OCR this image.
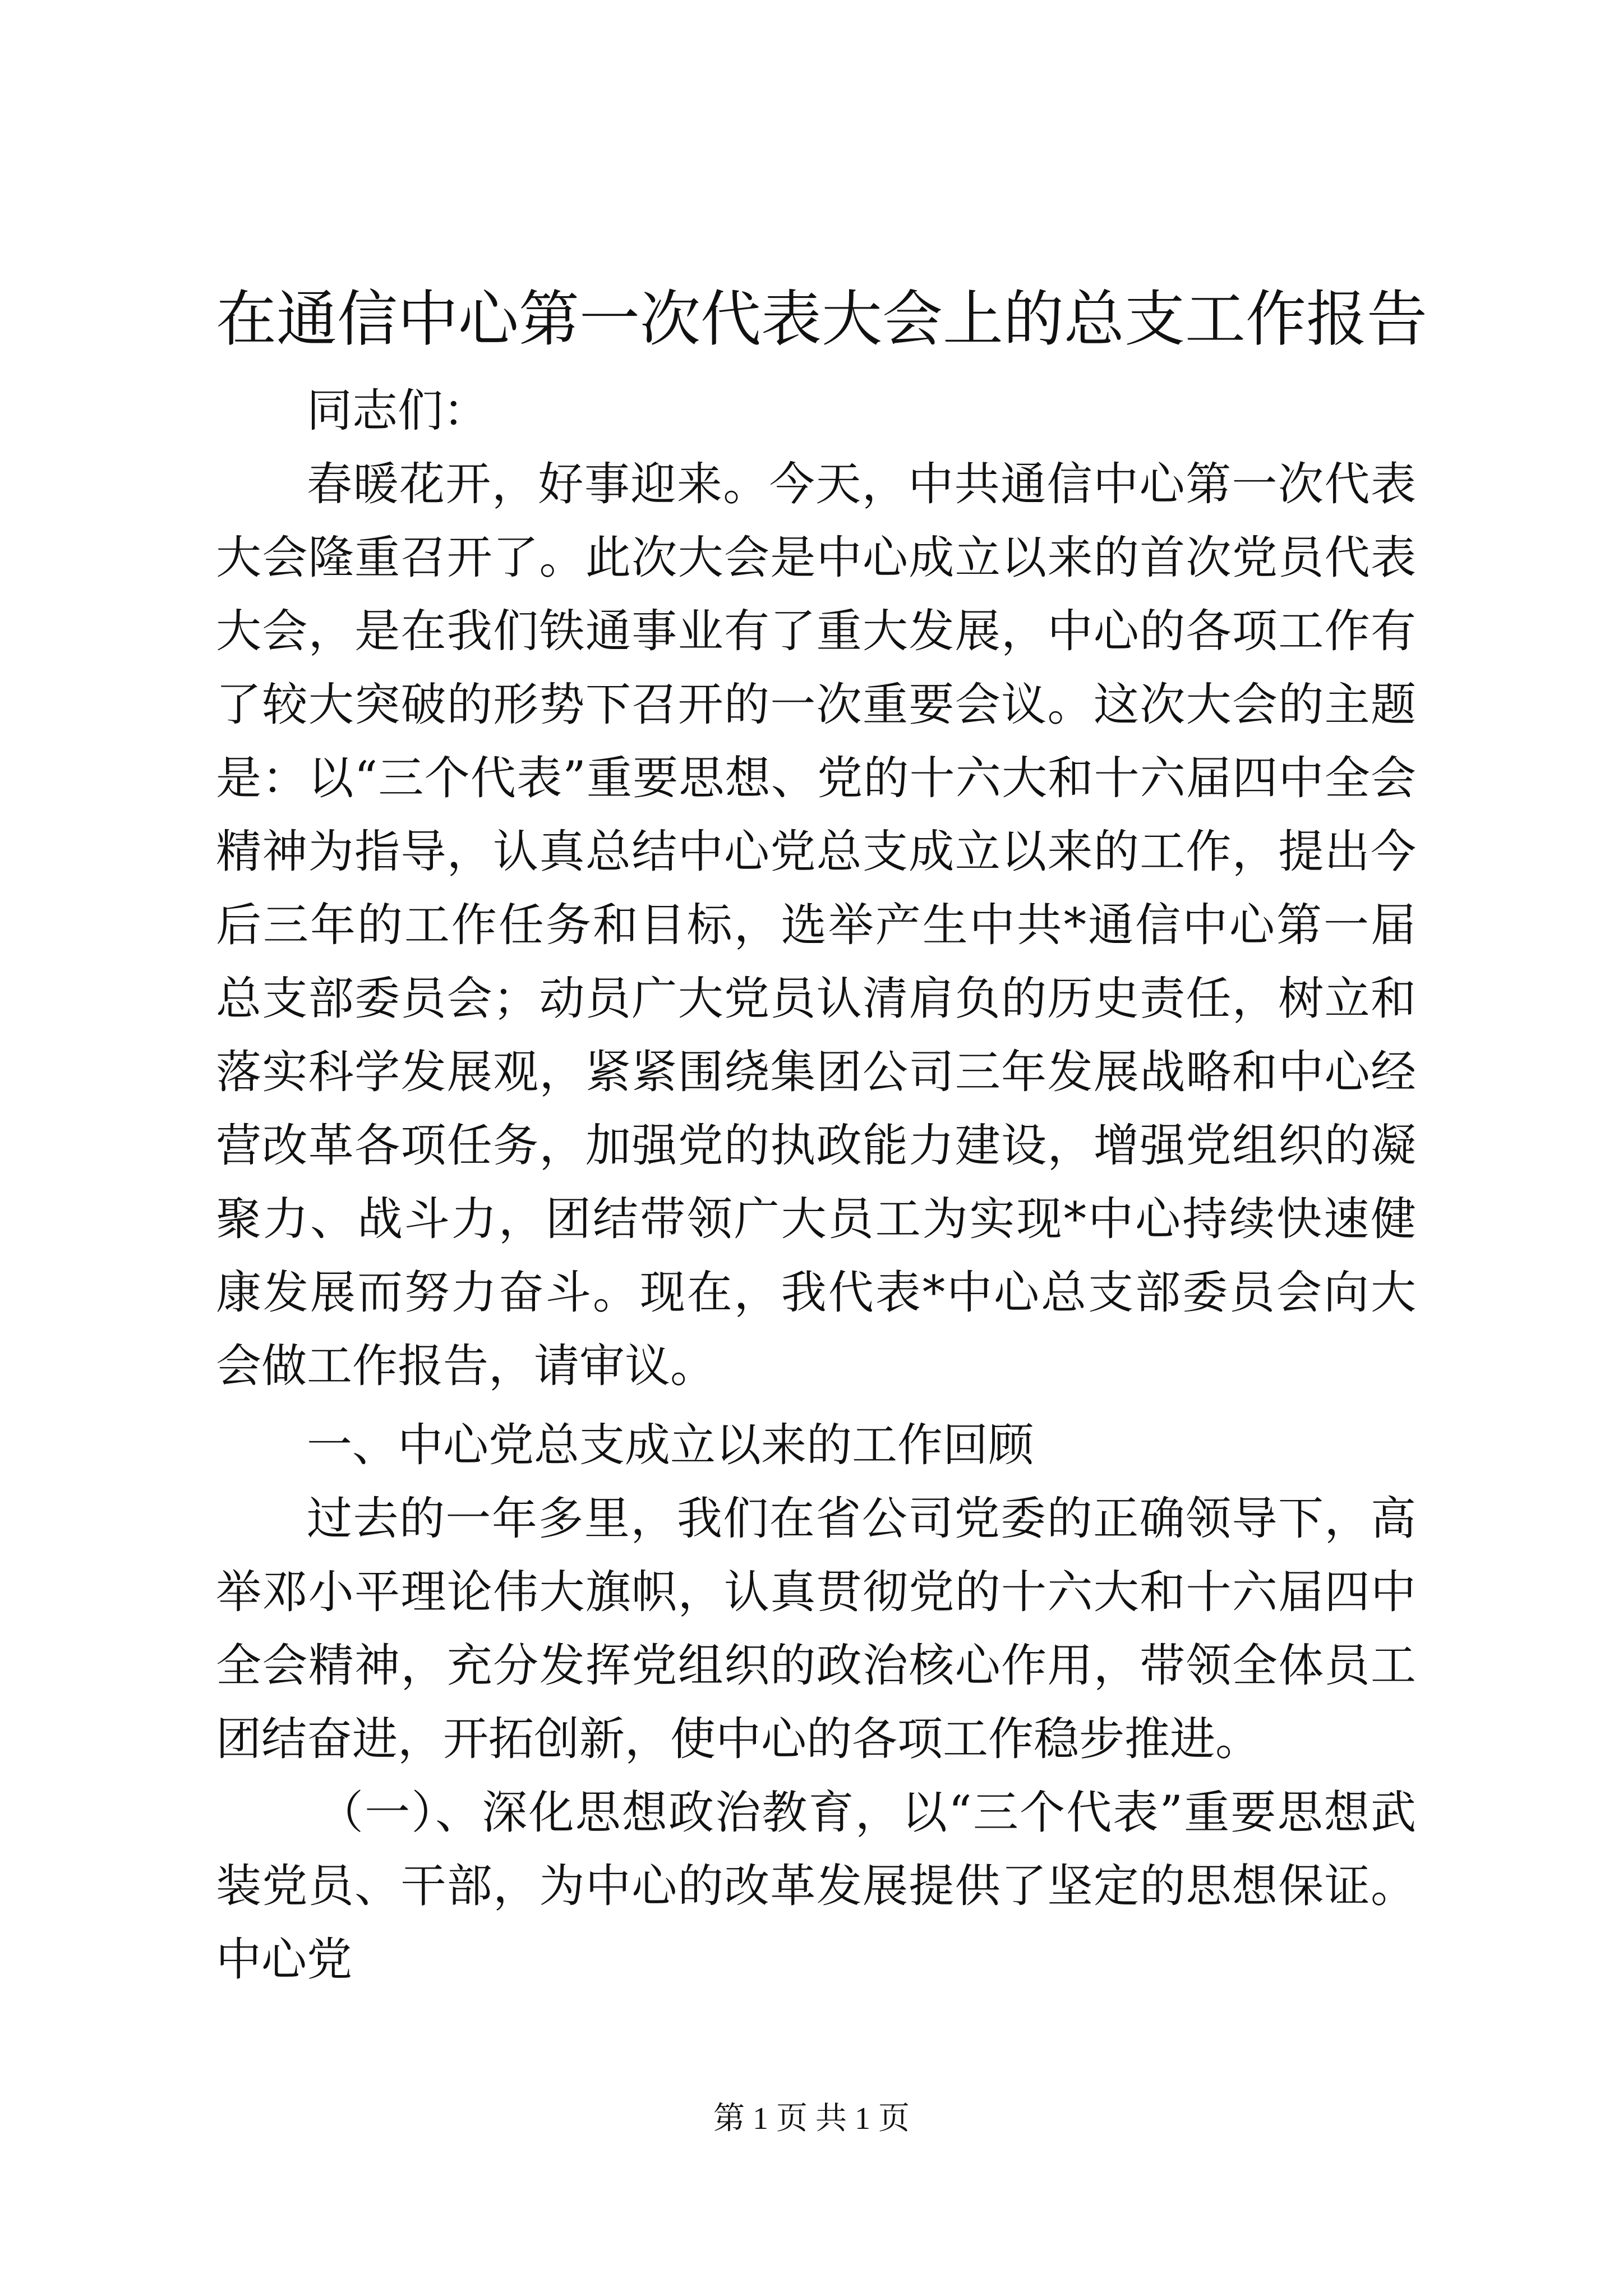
在通信中心第一次代表大会上的总支工作报告

同志们：

春暖花开，好事迎来。今天，中共通信中心第一次代表大会隆重召开了。此次大会是中心成立以来的首次党员代表大会，是在我们铁通事业有了重大发展，中心的各项工作有了较大突破的形势下召开的一次重要会议。这次大会的主题是：以“三个代表”重要思想、党的十六大和十六届四中全会精神为指导，认真总结中心党总支成立以来的工作，提出今后三年的工作任务和目标，选举产生中共*通信中心第一届总支部委员会；动员广大党员认清肩负的历史责任，树立和落实科学发展观，紧紧围绕集团公司三年发展战略和中心经营改革各项任务，加强党的执政能力建设，增强党组织的凝聚力、战斗力，团结带领广大员工为实现*中心持续快速健康发展而努力奋斗。现在，我代表*中心总支部委员会向大会做工作报告，请审议。

一、中心党总支成立以来的工作回顾

过去的一年多里，我们在省公司党委的正确领导下，高举邓小平理论伟大旗帜，认真贯彻党的十六大和十六届四中全会精神，充分发挥党组织的政治核心作用，带领全体员工团结奋进，开拓创新，使中心的各项工作稳步推进。

（一）、深化思想政治教育，以“三个代表”重要思想武装党员、干部，为中心的改革发展提供了坚定的思想保证。中心党

第 1 页 共 1 页
